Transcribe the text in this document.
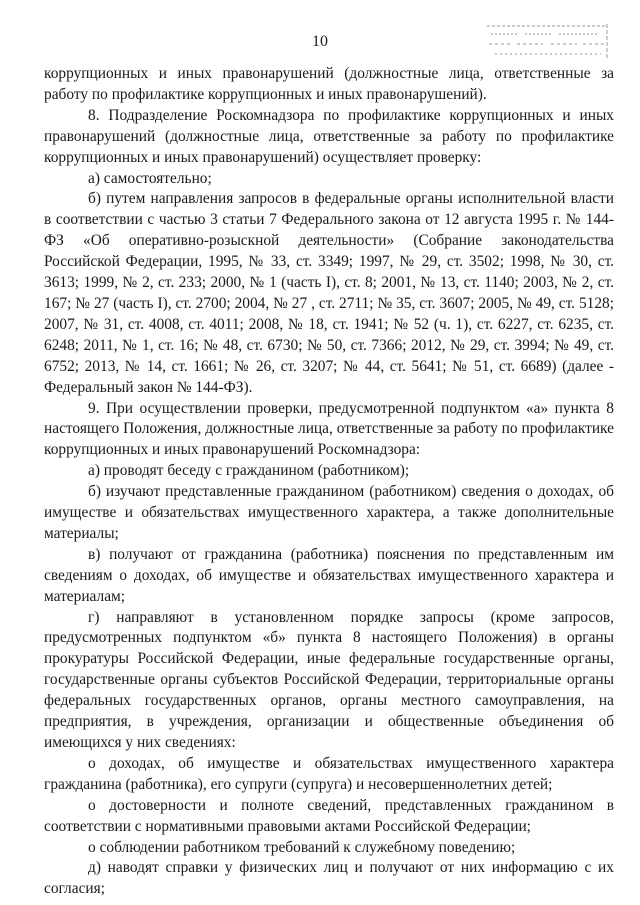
10

коррупционных и иных правонарушений (должностные лица, ответственные за работу по профилактике коррупционных и иных правонарушений).

8. Подразделение Роскомнадзора по профилактике коррупционных и иных правонарушений (должностные лица, ответственные за работу по профилактике коррупционных и иных правонарушений) осуществляет проверку:

а) самостоятельно;

б) путем направления запросов в федеральные органы исполнительной власти в соответствии с частью 3 статьи 7 Федерального закона от 12 августа 1995 г. № 144-ФЗ «Об оперативно-розыскной деятельности» (Собрание законодательства Российской Федерации, 1995, № 33, ст. 3349; 1997, № 29, ст. 3502; 1998, № 30, ст. 3613; 1999, № 2, ст. 233; 2000, № 1 (часть I), ст. 8; 2001, № 13, ст. 1140; 2003, № 2, ст. 167; № 27 (часть I), ст. 2700; 2004, № 27 , ст. 2711; № 35, ст. 3607; 2005, № 49, ст. 5128; 2007, № 31, ст. 4008, ст. 4011; 2008, № 18, ст. 1941; № 52 (ч. 1), ст. 6227, ст. 6235, ст. 6248; 2011, № 1, ст. 16; № 48, ст. 6730; № 50, ст. 7366; 2012, № 29, ст. 3994; № 49, ст. 6752; 2013, № 14, ст. 1661; № 26, ст. 3207; № 44, ст. 5641; № 51, ст. 6689) (далее - Федеральный закон № 144-ФЗ).

9. При осуществлении проверки, предусмотренной подпунктом «а» пункта 8 настоящего Положения, должностные лица, ответственные за работу по профилактике коррупционных и иных правонарушений Роскомнадзора:

а) проводят беседу с гражданином (работником);

б) изучают представленные гражданином (работником) сведения о доходах, об имуществе и обязательствах имущественного характера, а также дополнительные материалы;

в) получают от гражданина (работника) пояснения по представленным им сведениям о доходах, об имуществе и обязательствах имущественного характера и материалам;

г) направляют в установленном порядке запросы (кроме запросов, предусмотренных подпунктом «б» пункта 8 настоящего Положения) в органы прокуратуры Российской Федерации, иные федеральные государственные органы, государственные органы субъектов Российской Федерации, территориальные органы федеральных государственных органов, органы местного самоуправления, на предприятия, в учреждения, организации и общественные объединения об имеющихся у них сведениях:

о доходах, об имуществе и обязательствах имущественного характера гражданина (работника), его супруги (супруга) и несовершеннолетних детей;

о достоверности и полноте сведений, представленных гражданином в соответствии с нормативными правовыми актами Российской Федерации;

о соблюдении работником требований к служебному поведению;

д) наводят справки у физических лиц и получают от них информацию с их согласия;
